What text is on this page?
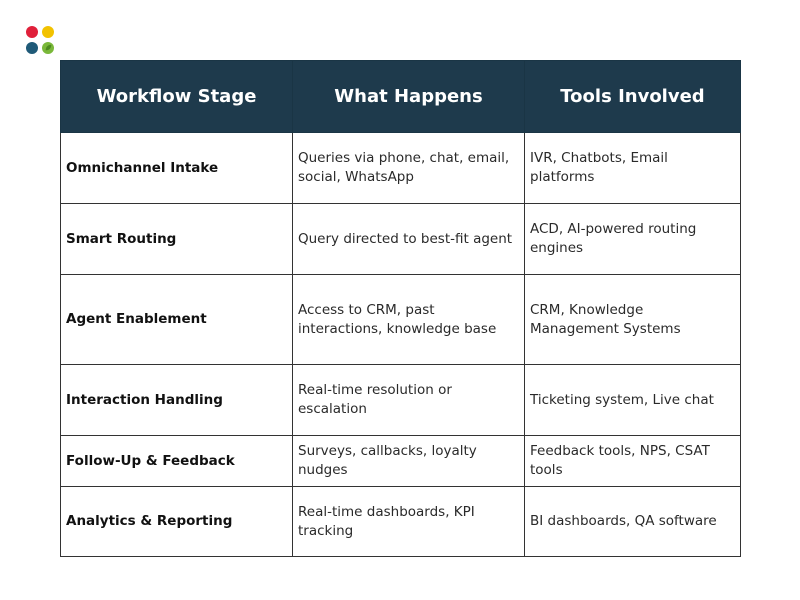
Workflow Stage	What Happens	Tools Involved
Omnichannel Intake	Queries via phone, chat, email, social, WhatsApp	IVR, Chatbots, Email platforms
Smart Routing	Query directed to best-fit agent	ACD, AI-powered routing engines
Agent Enablement	Access to CRM, past interactions, knowledge base	CRM, Knowledge Management Systems
Interaction Handling	Real-time resolution or escalation	Ticketing system, Live chat
Follow-Up & Feedback	Surveys, callbacks, loyalty nudges	Feedback tools, NPS, CSAT tools
Analytics & Reporting	Real-time dashboards, KPI tracking	BI dashboards, QA software
